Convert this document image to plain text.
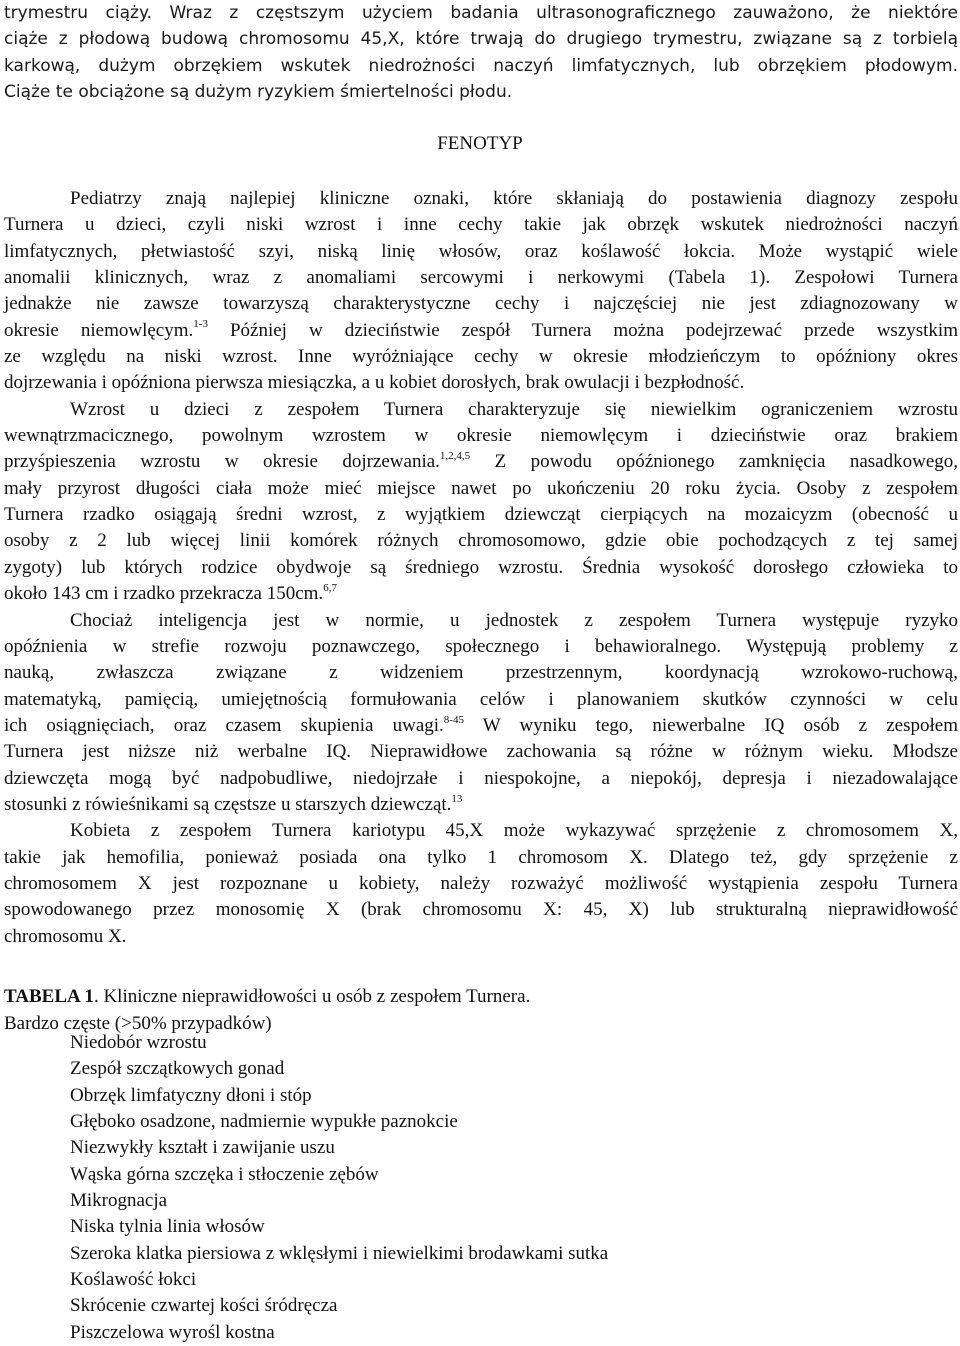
trymestru ciąży. Wraz z częstszym użyciem badania ultrasonograficznego zauważono, że niektóre
ciąże z płodową budową chromosomu 45,X, które trwają do drugiego trymestru, związane są z torbielą
karkową, dużym obrzękiem wskutek niedrożności naczyń limfatycznych, lub obrzękiem płodowym.
Ciąże te obciążone są dużym ryzykiem śmiertelności płodu.
FENOTYP
Pediatrzy znają najlepiej kliniczne oznaki, które skłaniają do postawienia diagnozy zespołu
Turnera u dzieci, czyli niski wzrost i inne cechy takie jak obrzęk wskutek niedrożności naczyń
limfatycznych, płetwiastość szyi, niską linię włosów, oraz koślawość łokcia. Może wystąpić wiele
anomalii klinicznych, wraz z anomaliami sercowymi i nerkowymi (Tabela 1). Zespołowi Turnera
jednakże nie zawsze towarzyszą charakterystyczne cechy i najczęściej nie jest zdiagnozowany w
okresie niemowlęcym.$^{1-3}$ Później w dzieciństwie zespół Turnera można podejrzewać przede wszystkim
ze względu na niski wzrost. Inne wyróżniające cechy w okresie młodzieńczym to opóźniony okres
dojrzewania i opóźniona pierwsza miesiączka, a u kobiet dorosłych, brak owulacji i bezpłodność.
Wzrost u dzieci z zespołem Turnera charakteryzuje się niewielkim ograniczeniem wzrostu
wewnątrzmacicznego, powolnym wzrostem w okresie niemowlęcym i dzieciństwie oraz brakiem
przyśpieszenia wzrostu w okresie dojrzewania.$^{1,2,4,5}$ Z powodu opóźnionego zamknięcia nasadkowego,
mały przyrost długości ciała może mieć miejsce nawet po ukończeniu 20 roku życia. Osoby z zespołem
Turnera rzadko osiągają średni wzrost, z wyjątkiem dziewcząt cierpiących na mozaicyzm (obecność u
osoby z 2 lub więcej linii komórek różnych chromosomowo, gdzie obie pochodzących z tej samej
zygoty) lub których rodzice obydwoje są średniego wzrostu. Średnia wysokość dorosłego człowieka to
około 143 cm i rzadko przekracza 150cm.$^{6,7}$
Chociaż inteligencja jest w normie, u jednostek z zespołem Turnera występuje ryzyko
opóźnienia w strefie rozwoju poznawczego, społecznego i behawioralnego. Występują problemy z
nauką, zwłaszcza związane z widzeniem przestrzennym, koordynacją wzrokowo-ruchową,
matematyką, pamięcią, umiejętnością formułowania celów i planowaniem skutków czynności w celu
ich osiągnięciach, oraz czasem skupienia uwagi.$^{8-45}$ W wyniku tego, niewerbalne IQ osób z zespołem
Turnera jest niższe niż werbalne IQ. Nieprawidłowe zachowania są różne w różnym wieku. Młodsze
dziewczęta mogą być nadpobudliwe, niedojrzałe i niespokojne, a niepokój, depresja i niezadowalające
stosunki z rówieśnikami są częstsze u starszych dziewcząt.$^{13}$
Kobieta z zespołem Turnera kariotypu 45,X może wykazywać sprzężenie z chromosomem X,
takie jak hemofilia, ponieważ posiada ona tylko 1 chromosom X. Dlatego też, gdy sprzężenie z
chromosomem X jest rozpoznane u kobiety, należy rozważyć możliwość wystąpienia zespołu Turnera
spowodowanego przez monosomię X (brak chromosomu X: 45, X) lub strukturalną nieprawidłowość
chromosomu X.
TABELA 1. Kliniczne nieprawidłowości u osób z zespołem Turnera.
Bardzo częste (>50% przypadków)
Niedobór wzrostu
Zespół szczątkowych gonad
Obrzęk limfatyczny dłoni i stóp
Głęboko osadzone, nadmiernie wypukłe paznokcie
Niezwykły kształt i zawijanie uszu
Wąska górna szczęka i stłoczenie zębów
Mikrognacja
Niska tylnia linia włosów
Szeroka klatka piersiowa z wklęsłymi i niewielkimi brodawkami sutka
Koślawość łokci
Skrócenie czwartej kości śródręcza
Piszczelowa wyrośl kostna
